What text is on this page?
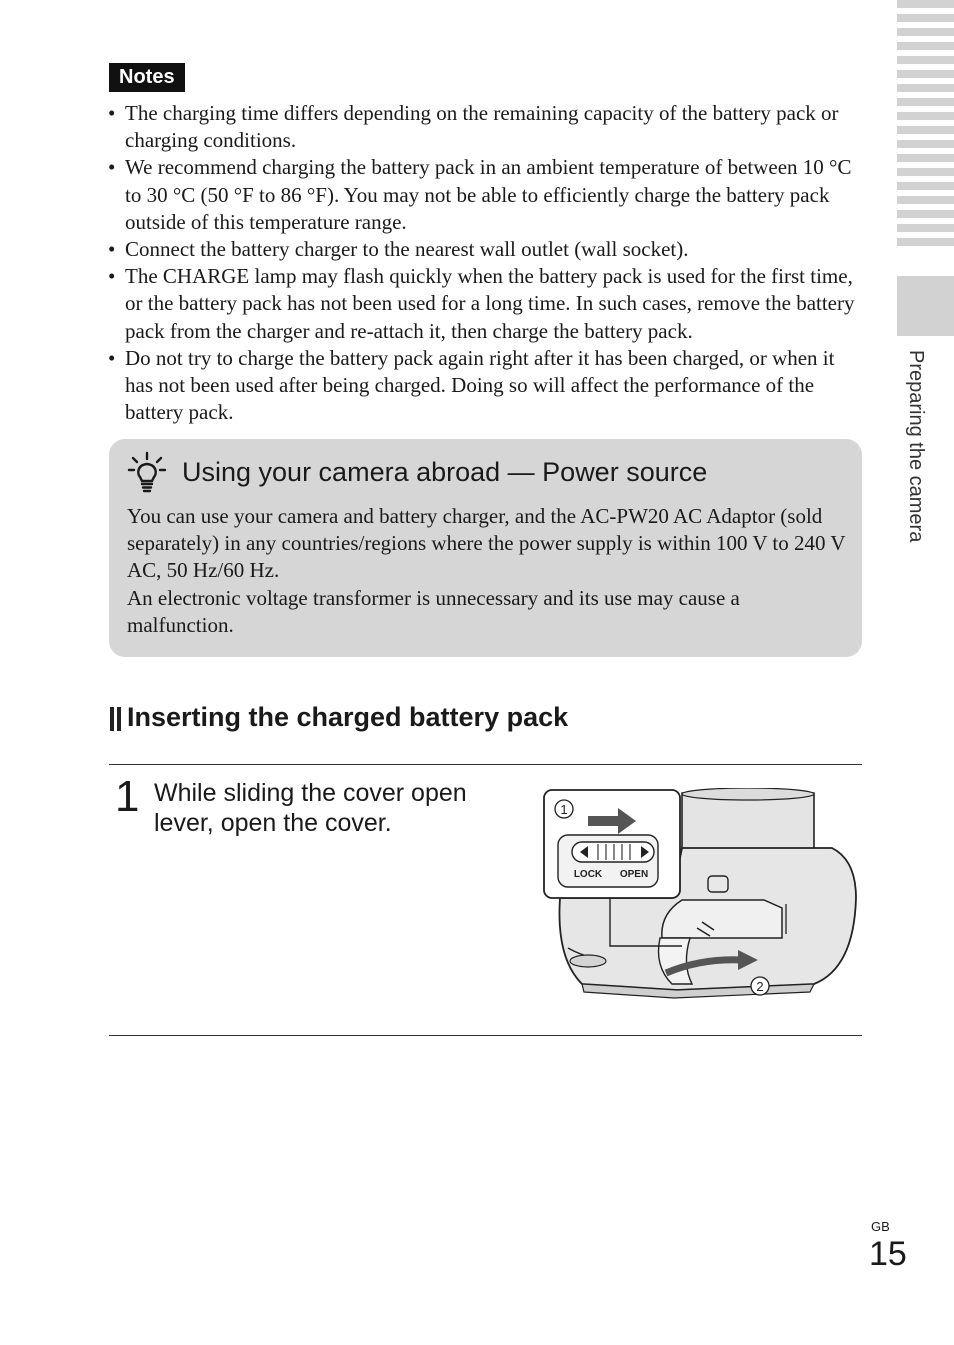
Preparing the camera
Notes
• The charging time differs depending on the remaining capacity of the battery pack or charging conditions.
• We recommend charging the battery pack in an ambient temperature of between 10 °C to 30 °C (50 °F to 86 °F). You may not be able to efficiently charge the battery pack outside of this temperature range.
• Connect the battery charger to the nearest wall outlet (wall socket).
• The CHARGE lamp may flash quickly when the battery pack is used for the first time, or the battery pack has not been used for a long time. In such cases, remove the battery pack from the charger and re-attach it, then charge the battery pack.
• Do not try to charge the battery pack again right after it has been charged, or when it has not been used after being charged. Doing so will affect the performance of the battery pack.
Using your camera abroad — Power source

You can use your camera and battery charger, and the AC-PW20 AC Adaptor (sold separately) in any countries/regions where the power supply is within 100 V to 240 V AC, 50 Hz/60 Hz.

An electronic voltage transformer is unnecessary and its use may cause a malfunction.

Inserting the charged battery pack
1 While sliding the cover open lever, open the cover.	1
LOCK OPEN
2
GB
15
